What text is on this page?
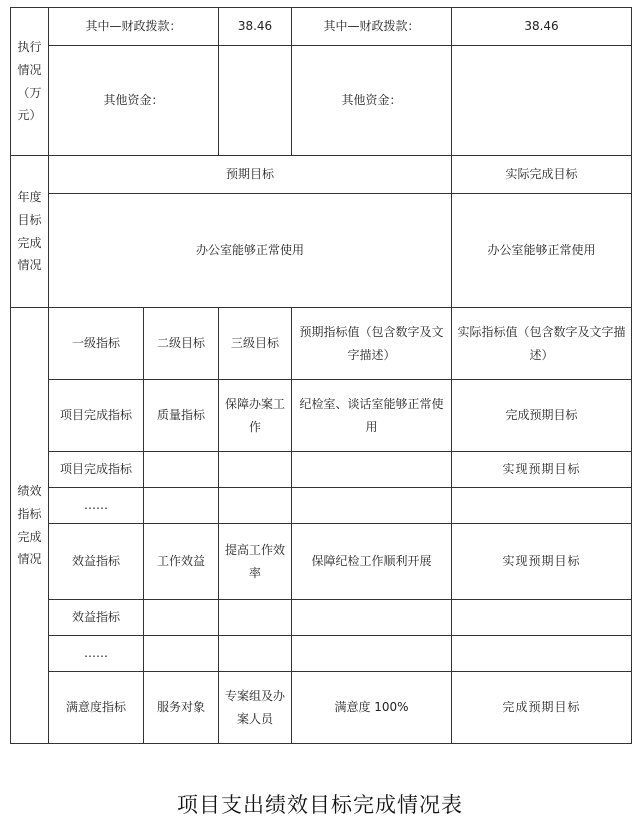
执行
情况
（万
元）	其中—财政拨款：		38.46	其中—财政拨款：	38.46
	其他资金：			其他资金：	
年度
目标
完成
情况	预期目标				实际完成目标
	办公室能够正常使用				办公室能够正常使用
绩效
指标
完成
情况	一级指标	二级目标	三级目标	预期指标值（包含数字及文字描述）	实际指标值（包含数字及文字描述）
	项目完成指标	质量指标	保障办案工作	纪检室、谈话室能够正常使用	完成预期目标
	项目完成指标				实现预期目标
	……				
	效益指标	工作效益	提高工作效率	保障纪检工作顺利开展	实现预期目标
	效益指标				
	……				
	满意度指标	服务对象	专案组及办案人员	满意度 100%	完成预期目标
项目支出绩效目标完成情况表
